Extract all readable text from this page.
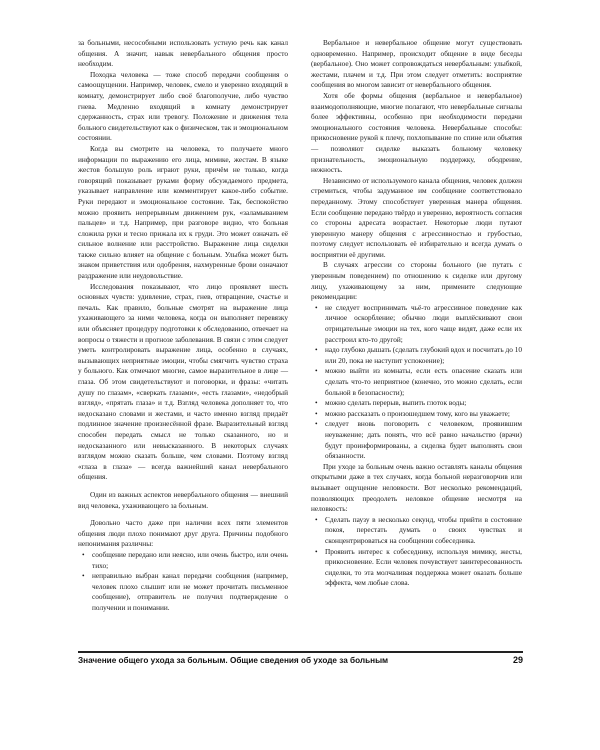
за больными, несособными использовать устную речь как канал общения. А значит, навык невербального общения просто необходим.

Походка человека — тоже способ передачи сообщения о самоощущении. Например, человек, смело и уверенно входящий в комнату, демонстрирует либо своё благополучие, либо чувство гнева. Медленно входящий в комнату демонстрирует сдержанность, страх или тревогу. Положение и движения тела больного свидетельствуют как о физическом, так и эмоциональном состоянии.

Когда вы смотрите на человека, то получаете много информации по выражению его лица, мимике, жестам. В языке жестов большую роль играют руки, причём не только, когда говорящий показывает руками форму обсуждаемого предмета, указывает направление или комментирует какое-либо событие. Руки передают и эмоциональное состояние. Так, беспокойство можно проявить непрерывным движением рук, «заламыванием пальцев» и т.д. Например, при разговоре видно, что больная сложила руки и тесно прижала их к груди. Это может означать её сильное волнение или расстройство. Выражение лица сиделки также сильно влияет на общение с больным. Улыбка может быть знаком приветствия или одобрения, нахмуренные брови означают раздражение или неудовольствие.

Исследования показывают, что лицо проявляет шесть основных чувств: удивление, страх, гнев, отвращение, счастье и печаль. Как правило, больные смотрят на выражение лица ухаживающего за ними человека, когда он выполняет перевязку или объясняет процедуру подготовки к обследованию, отвечает на вопросы о тяжести и прогнозе заболевания. В связи с этим следует уметь контролировать выражение лица, особенно в случаях, вызывающих неприятные эмоции, чтобы смягчить чувство страха у больного. Как отмечают многие, самое выразительное в лице — глаза. Об этом свидетельствуют и поговорки, и фразы: «читать душу по глазам», «сверкать глазами», «есть глазами», «недобрый взгляд», «прятать глаза» и т.д. Взгляд человека дополняет то, что недосказано словами и жестами, и часто именно взгляд придаёт подлинное значение произнесённой фразе. Выразительный взгляд способен передать смысл не только сказанного, но и недосказанного или невысказанного. В некоторых случаях взглядом можно сказать больше, чем словами. Поэтому взгляд «глаза в глаза» — всегда важнейший канал невербального общения.

Один из важных аспектов невербального общения — внешний вид человека, ухаживающего за больным.

Довольно часто даже при наличии всех пяти элементов общения люди плохо понимают друг друга. Причины подобного непонимания различны:

• сообщение передано или неясно, или очень быстро, или очень тихо;
• неправильно выбран канал передачи сообщения (например, человек плохо слышит или не может прочитать письменное сообщение), отправитель не получил подтверждение о получении и понимании.

Вербальное и невербальное общение могут существовать одновременно. Например, происходит общение в виде беседы (вербальное). Оно может сопровождаться невербальным: улыбкой, жестами, плачем и т.д. При этом следует отметить: восприятие сообщения во многом зависит от невербального общения.

Хотя обе формы общения (вербальное и невербальное) взаимодополняющие, многие полагают, что невербальные сигналы более эффективны, особенно при необходимости передачи эмоционального состояния человека. Невербальные способы: прикосновение рукой к плечу, похлопывание по спине или объятия — позволяют сиделке выказать больному человеку признательность, эмоциональную поддержку, ободрение, нежность.

Независимо от используемого канала общения, человек должен стремиться, чтобы задуманное им сообщение соответствовало переданному. Этому способствует уверенная манера общения. Если сообщение передано твёрдо и уверенно, вероятность согласия со стороны адресата возрастает. Некоторые люди путают уверенную манеру общения с агрессивностью и грубостью, поэтому следует использовать её избирательно и всегда думать о восприятии её другими.

В случаях агрессии со стороны больного (не путать с уверенным поведением) по отношению к сиделке или другому лицу, ухаживающему за ним, примените следующие рекомендации:

• не следует воспринимать чьё-то агрессивное поведение как личное оскорбление; обычно люди выплёскивают свои отрицательные эмоции на тех, кого чаще видят, даже если их расстроил кто-то другой;
• надо глубоко дышать (сделать глубокий вдох и посчитать до 10 или 20, пока не наступит успокоение);
• можно выйти из комнаты, если есть опасение сказать или сделать что-то неприятное (конечно, это можно сделать, если больной в безопасности);
• можно сделать перерыв, выпить глоток воды;
• можно рассказать о произошедшем тому, кого вы уважаете;
• следует вновь поговорить с человеком, проявившим неуважение; дать понять, что всё равно начальство (врачи) будут проинформированы, а сиделка будет выполнять свои обязанности.

При уходе за больным очень важно оставлять каналы общения открытыми даже в тех случаях, когда больной неразговорчив или вызывает ощущение неловкости. Вот несколько рекомендаций, позволяющих преодолеть неловкое общение несмотря на неловкость:

• Сделать паузу в несколько секунд, чтобы прийти в состояние покоя, перестать думать о своих чувствах и сконцентрироваться на сообщении собеседника.
• Проявить интерес к собеседнику, используя мимику, жесты, прикосновение. Если человек почувствует заинтересованность сиделки, то эта молчаливая поддержка может оказать больше эффекта, чем любые слова.
Значение общего ухода за больным. Общие сведения об уходе за больным	29
